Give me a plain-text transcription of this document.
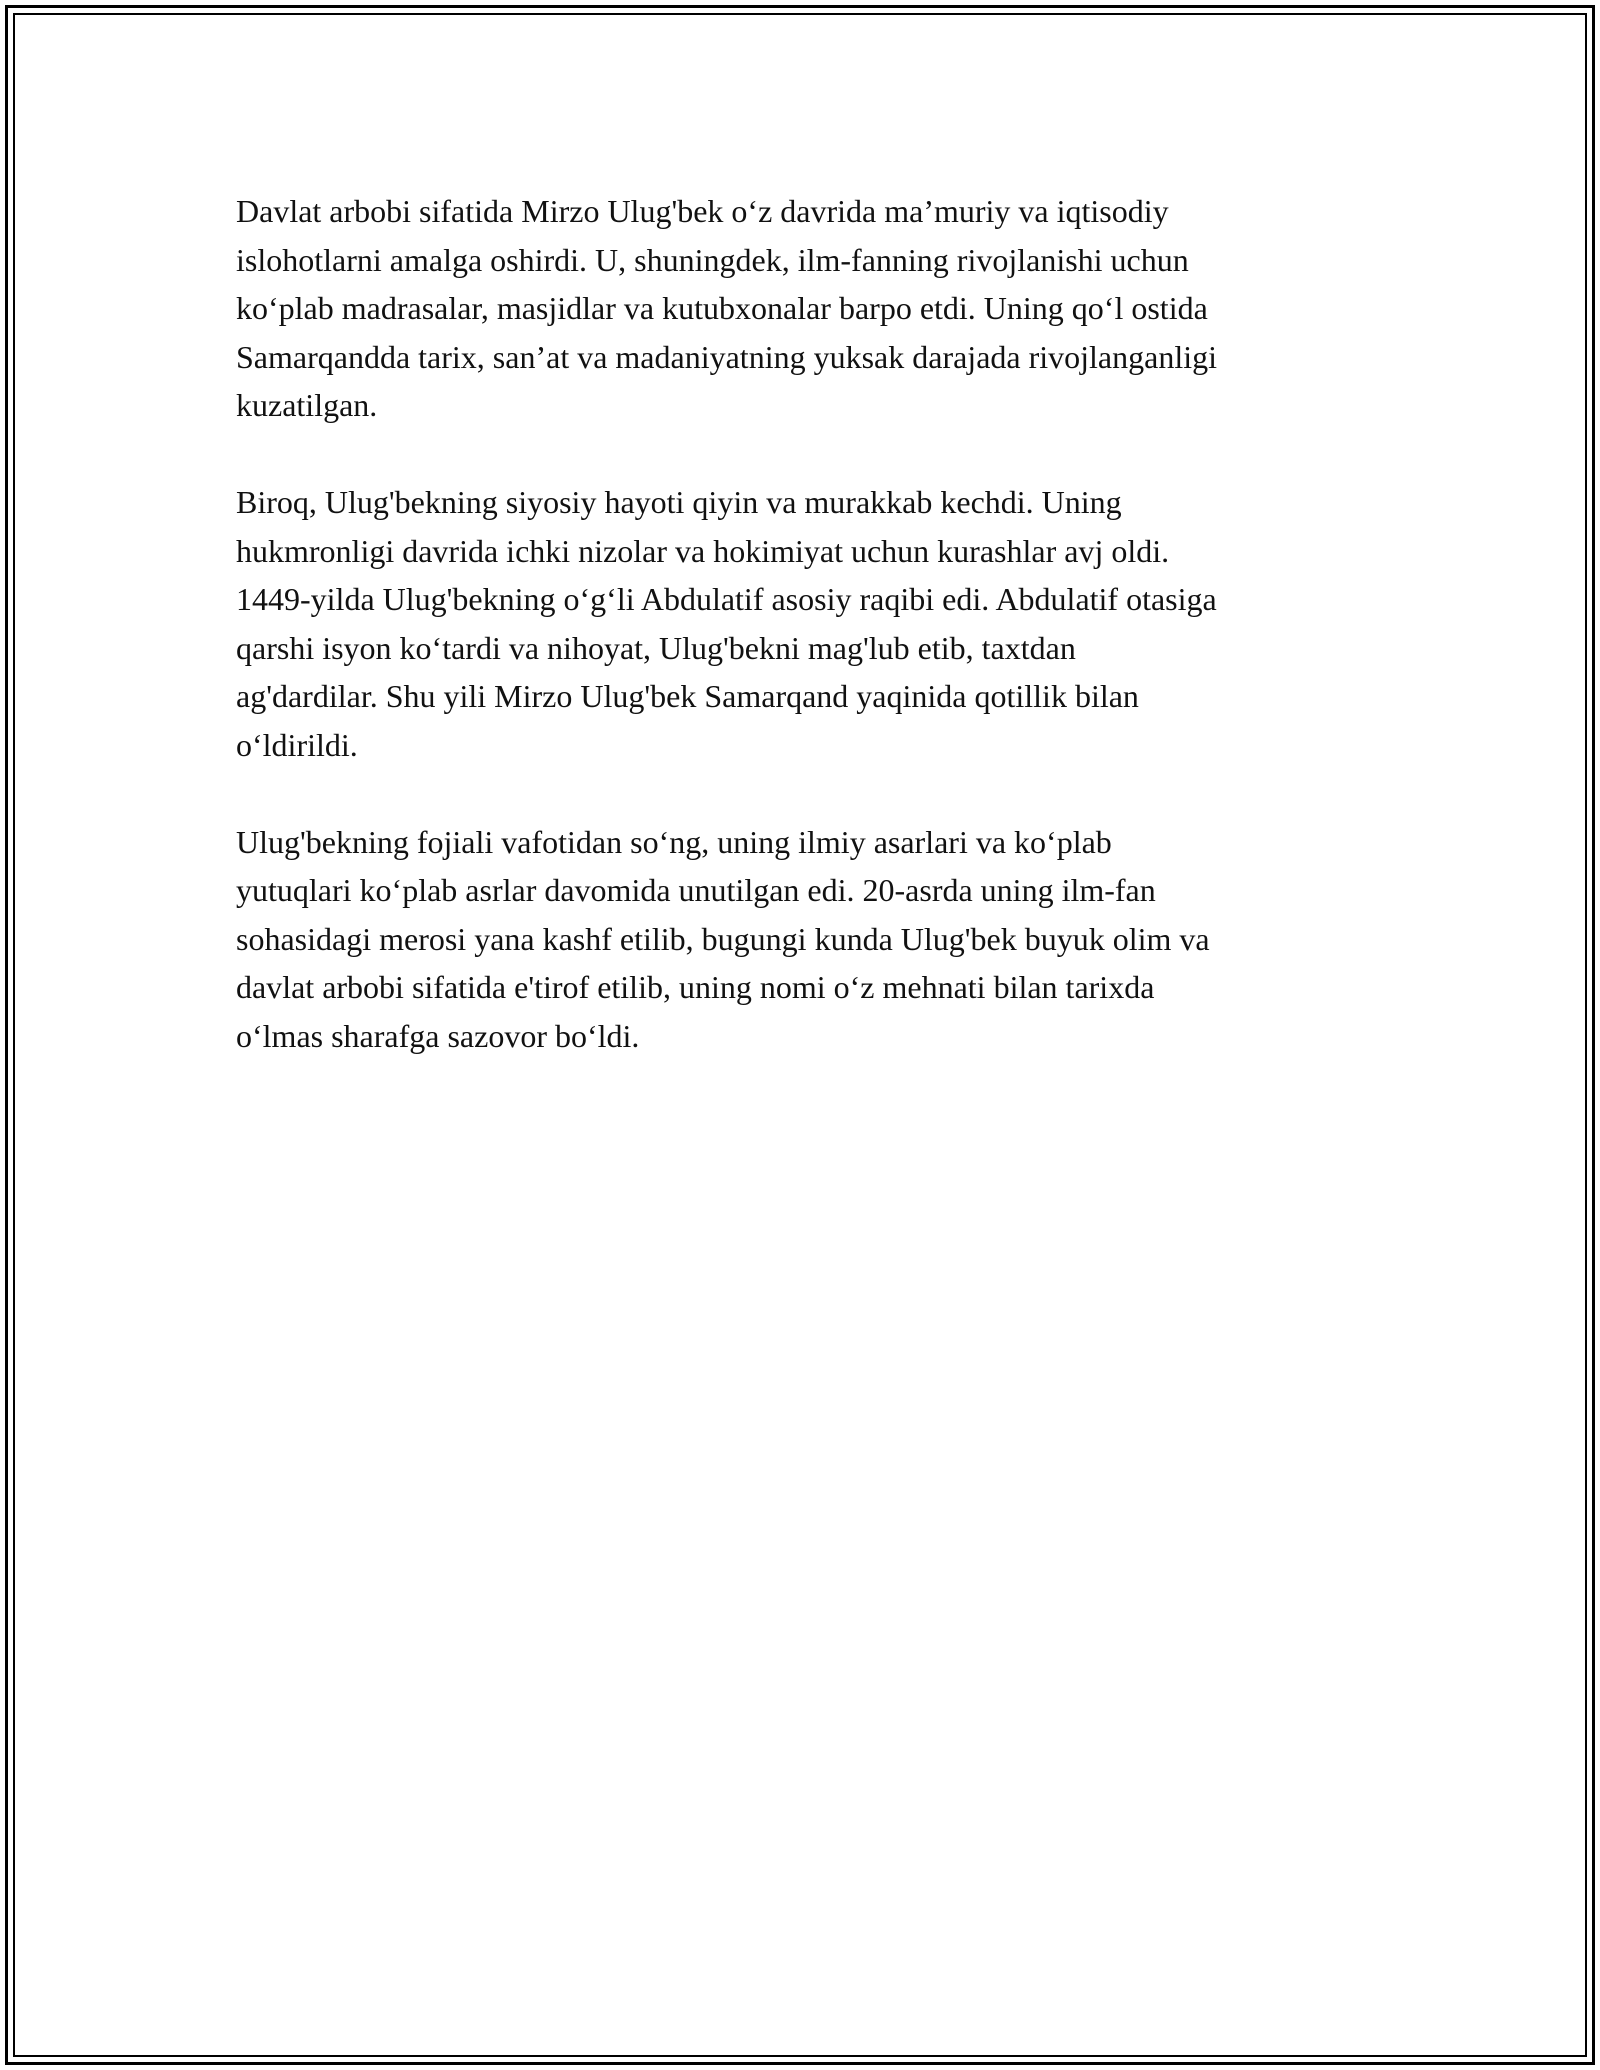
Davlat arbobi sifatida Mirzo Ulug'bek o‘z davrida ma’muriy va iqtisodiy
islohotlarni amalga oshirdi. U, shuningdek, ilm-fanning rivojlanishi uchun
ko‘plab madrasalar, masjidlar va kutubxonalar barpo etdi. Uning qo‘l ostida
Samarqandda tarix, san’at va madaniyatning yuksak darajada rivojlanganligi
kuzatilgan.

Biroq, Ulug'bekning siyosiy hayoti qiyin va murakkab kechdi. Uning
hukmronligi davrida ichki nizolar va hokimiyat uchun kurashlar avj oldi.
1449-yilda Ulug'bekning o‘g‘li Abdulatif asosiy raqibi edi. Abdulatif otasiga
qarshi isyon ko‘tardi va nihoyat, Ulug'bekni mag'lub etib, taxtdan
ag'dardilar. Shu yili Mirzo Ulug'bek Samarqand yaqinida qotillik bilan
o‘ldirildi.

Ulug'bekning fojiali vafotidan so‘ng, uning ilmiy asarlari va ko‘plab
yutuqlari ko‘plab asrlar davomida unutilgan edi. 20-asrda uning ilm-fan
sohasidagi merosi yana kashf etilib, bugungi kunda Ulug'bek buyuk olim va
davlat arbobi sifatida e'tirof etilib, uning nomi o‘z mehnati bilan tarixda
o‘lmas sharafga sazovor bo‘ldi.
